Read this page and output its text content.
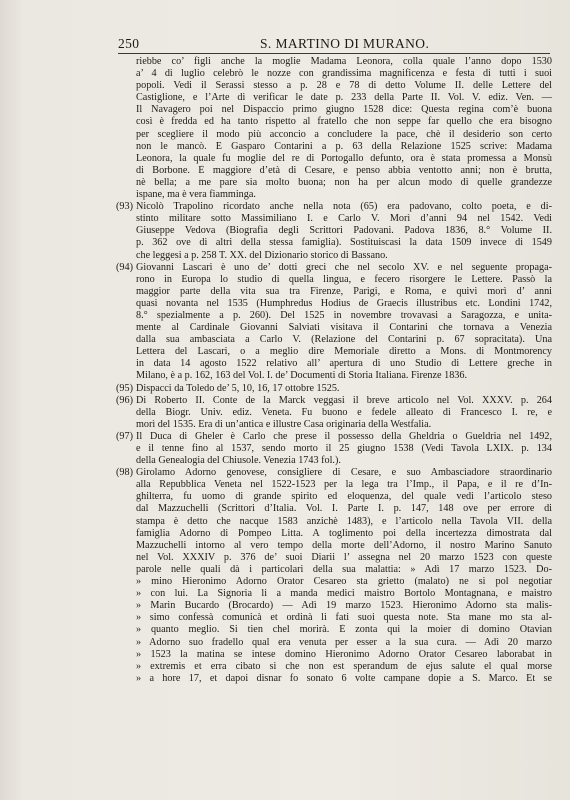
250	S. MARTINO DI MURANO.
riebbe co’ figli anche la moglie Madama Leonora, colla quale l’anno dopo 1530
a’ 4 di luglio celebrò le nozze con grandissima magnificenza e festa di tutti i suoi
popoli. Vedi il Serassi stesso a p. 28 e 78 di detto Volume II. delle Lettere del
Castiglione, e l’Arte di verificar le date p. 233 della Parte II. Vol. V. ediz. Ven. —
Il Navagero poi nel Dispaccio primo giugno 1528 dice: Questa regina com’è buona
così è fredda ed ha tanto rispetto al fratello che non seppe far quello che era bisogno
per scegliere il modo più acconcio a concludere la pace, chè il desiderio son certo
non le mancò. E Gasparo Contarini a p. 63 della Relazione 1525 scrive: Madama
Leonora, la quale fu moglie del re di Portogallo defunto, ora è stata promessa a Monsù
di Borbone. È maggiore d’età di Cesare, e penso abbia ventotto anni; non è brutta,
nè bella; a me pare sia molto buona; non ha per alcun modo di quelle grandezze
ispane, ma è vera fiamminga.
(93) Nicolò Trapolino ricordato anche nella nota (65) era padovano, colto poeta, e di-
stinto militare sotto Massimiliano I. e Carlo V. Morì d’anni 94 nel 1542. Vedi
Giuseppe Vedova (Biografia degli Scrittori Padovani. Padova 1836, 8.° Volume II.
p. 362 ove di altri della stessa famiglia). Sostituiscasi la data 1509 invece di 1549
che leggesi a p. 258 T. XX. del Dizionario storico di Bassano.
(94) Giovanni Lascari è uno de’ dotti greci che nel secolo XV. e nel seguente propaga-
rono in Europa lo studio di quella lingua, e fecero risorgere le Lettere. Passò la
maggior parte della vita sua tra Firenze, Parigi, e Roma, e quivi morì d’ anni
quasi novanta nel 1535 (Humphredus Hodius de Graecis illustribus etc. Londini 1742,
8.° spezialmente a p. 260). Del 1525 in novembre trovavasi a Saragozza, e unita-
mente al Cardinale Giovanni Salviati visitava il Contarini che tornava a Venezia
dalla sua ambasciata a Carlo V. (Relazione del Contarini p. 67 sopracitata). Una
Lettera del Lascari, o a meglio dire Memoriale diretto a Mons. di Montmorency
in data 14 agosto 1522 relativo all’ apertura di uno Studio di Lettere greche in
Milano, è a p. 162, 163 del Vol. I. de’ Documenti di Storia Italiana. Firenze 1836.
(95) Dispacci da Toledo de’ 5, 10, 16, 17 ottobre 1525.
(96) Di Roberto II. Conte de la Marck veggasi il breve articolo nel Vol. XXXV. p. 264
della Biogr. Univ. ediz. Veneta. Fu buono e fedele alleato di Francesco I. re, e
morì del 1535. Era di un’antica e illustre Casa originaria della Westfalia.
(97) Il Duca di Gheler è Carlo che prese il possesso della Gheldria o Gueldria nel 1492,
e il tenne fino al 1537, sendo morto il 25 giugno 1538 (Vedi Tavola LXIX. p. 134
della Genealogia del Chiusole. Venezia 1743 fol.).
(98) Girolamo Adorno genovese, consigliere di Cesare, e suo Ambasciadore straordinario
alla Repubblica Veneta nel 1522-1523 per la lega tra l’Imp., il Papa, e il re d’In-
ghilterra, fu uomo di grande spirito ed eloquenza, del quale vedi l’articolo steso
dal Mazzuchelli (Scrittori d’Italia. Vol. I. Parte I. p. 147, 148 ove per errore di
stampa è detto che nacque 1583 anzichè 1483), e l’articolo nella Tavola VII. della
famiglia Adorno di Pompeo Litta. A toglimento poi della incertezza dimostrata dal
Mazzuchelli intorno al vero tempo della morte dell’Adorno, il nostro Marino Sanuto
nel Vol. XXXIV p. 376 de’ suoi Diarii l’ assegna nel 20 marzo 1523 con queste
parole nelle quali dà i particolari della sua malattia: » Adì 17 marzo 1523. Do-
» mino Hieronimo Adorno Orator Cesareo sta grietto (malato) ne si pol negotiar
» con lui. La Signoria li a manda medici maistro Bortolo Montagnana, e maistro
» Marin Bucardo (Brocardo) — Adì 19 marzo 1523. Hieronimo Adorno sta malis-
» simo confessà comunicà et ordinà li fati suoi questa note. Sta mane mo sta al-
» quanto meglio. Si tien chel morirà. È zonta qui la moier di domino Otavian
» Adorno suo fradello qual era venuta per esser a la sua cura. — Adì 20 marzo
» 1523 la matina se intese domino Hieronimo Adorno Orator Cesareo laborabat in
» extremis et erra cibato si che non est sperandum de ejus salute el qual morse
» a hore 17, et dapoi disnar fo sonato 6 volte campane dopie a S. Marco. Et se
